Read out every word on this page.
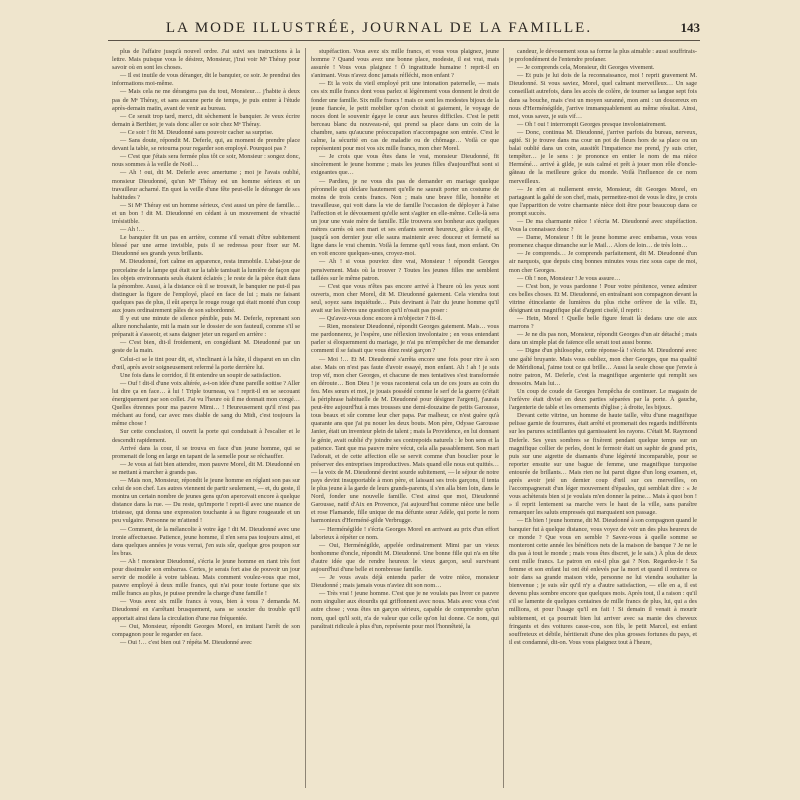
LA MODE ILLUSTRÉE, JOURNAL DE LA FAMILLE.	143

plus de l'affaire jusqu'à nouvel ordre. J'ai suivi ses instructions à la lettre. Mais puisque vous le désirez, Monsieur, j'irai voir Mᵉ Théray pour savoir où en sont les choses.

— Il est inutile de vous déranger, dit le banquier, ce soir. Je prendrai des informations moi-même.

— Mais cela ne me dérangera pas du tout, Monsieur… j'habite à deux pas de Mᵉ Théray, et sans aucune perte de temps, je puis entrer à l'étude après-demain matin, avant de venir au bureau.

— Ce serait trop tard, merci, dit sèchement le banquier. Je veux écrire demain à Berthier, je vais donc aller ce soir chez Mᵉ Théray.

— Ce soir ! fit M. Dieudonné sans pouvoir cacher sa surprise.

— Sans doute, répondit M. Deferle, qui, au moment de prendre place devant la table, se retourna pour regarder son employé. Pourquoi pas ?

— C'est que j'étais sera fermée plus tôt ce soir, Monsieur : songez donc, nous sommes à la veille de Noël…

— Ah ! oui, dit M. Deferle avec amertume ; moi je l'avais oublié, monsieur Dieudonné, qu'un Mᵉ Théray est un homme sérieux et un travailleur acharné. En quoi la veille d'une fête peut-elle le déranger de ses habitudes ?

— Si Mᵉ Théray est un homme sérieux, c'est aussi un père de famille… et un bon ! dit M. Dieudonné en cédant à un mouvement de vivacité irrésistible.

— Ah !…

Le banquier fit un pas en arrière, comme s'il venait d'être subitement blessé par une arme invisible, puis il se redressa pour fixer sur M. Dieudonné ses grands yeux brillants.

M. Dieudonné, fort calme en apparence, resta immobile. L'abat-jour de porcelaine de la lampe qui était sur la table tamisait la lumière de façon que les objets environnants seuls étaient éclairés ; le reste de la pièce était dans la pénombre. Aussi, à la distance où il se trouvait, le banquier ne put-il pas distinguer la figure de l'employé, placé en face de lui ; mais ne faisant quelques pas de plus, il eût aperçu le rouge rouge qui était monté d'un coup aux joues ordinairement pâles de son subordonné.

Il y eut une minute de silence pénible, puis M. Deferle, reprenant son allure nonchalante, mit la main sur le dossier de son fauteuil, comme s'il se préparait à s'asseoir, et sans daigner jeter un regard en arrière :

— C'est bien, dit-il froidement, en congédiant M. Dieudonné par un geste de la main.

Celui-ci se le tint pour dit, et, s'inclinant à la hâte, il disparut en un clin d'œil, après avoir soigneusement refermé la porte derrière lui.

Une fois dans le corridor, il fit entendre un soupir de satisfaction.

— Ouf ! dit-il d'une voix altérée, a-t-on idée d'une pareille sottise ? Aller lui dire ça en face… à lui ! Triple tourneau, va ! reprit-il en se secouant énergiquement par son collet. J'ai vu l'heure où il me donnait mon congé… Quelles étrennes pour ma pauvre Mimi… ! Heureusement qu'il n'est pas méchant au fond, car avec mes diable de sang du Midi, c'est toujours la même chose !

Sur cette conclusion, il ouvrit la porte qui conduisait à l'escalier et le descendit rapidement.

Arrivé dans la cour, il se trouva en face d'un jeune homme, qui se promenait de long en large en tapant de la semelle pour se réchauffer.

— Je vous ai fait bien attendre, mon pauvre Morel, dit M. Dieudonné en se mettant à marcher à grands pas.

— Mais non, Monsieur, répondit le jeune homme en réglant son pas sur celui de son chef. Les autres viennent de partir seulement, — et, du geste, il montra un certain nombre de jeunes gens qu'on apercevait encore à quelque distance dans la rue. — Du reste, qu'importe ! reprit-il avec une nuance de tristesse, qui donna une expression touchante à sa figure rougeaude et un peu vulgaire. Personne ne m'attend !

— Comment, de la mélancolie à votre âge ! dit M. Dieudonné avec une ironie affectueuse. Patience, jeune homme, il n'en sera pas toujours ainsi, et dans quelques années je vous verrai, j'en suis sûr, quelque gros poupon sur les bras.

— Ah ! monsieur Dieudonné, s'écria le jeune homme en riant très fort pour dissimuler son embarras. Certes, je serais fort aise de pouvoir un jour servir de modèle à votre tableau. Mais comment voulez-vous que moi, pauvre employé à deux mille francs, qui n'ai pour toute fortune que six mille francs au plus, je puisse prendre la charge d'une famille !

— Vous avez six mille francs à vous, bien à vous ? demanda M. Dieudonné en s'arrêtant brusquement, sans se soucier du trouble qu'il apportait ainsi dans la circulation d'une rue fréquentée.

— Oui, Monsieur, répondit Georges Morel, en imitant l'arrêt de son compagnon pour le regarder en face.

— Oui !… c'est bien oui ? répéta M. Dieudonné avec

stupéfaction. Vous avez six mille francs, et vous vous plaignez, jeune homme ? Quand vous avez une bonne place, modeste, il est vrai, mais assurée ! Vous vous plaignez ! Ô ingratitude humaine ! reprit-il en s'animant. Vous n'avez donc jamais réfléchi, mon enfant ?

— Et la voix du vieil employé prit une intonation paternelle, — mais ces six mille francs dont vous parlez si légèrement vous donnent le droit de fonder une famille. Six mille francs ! mais ce sont les modestes bijoux de la jeune fiancée, le petit mobilier qu'on choisit si gaiement, le voyage de noces dont le souvenir égaye le cœur aux heures difficiles. C'est le petit berceau blanc du nouveau-né, qui prend sa place dans un coin de la chambre, sans qu'aucune préoccupation n'accompagne son entrée. C'est le calme, la sécurité en cas de maladie ou de chômage… Voilà ce que représentent pour moi vos six mille francs, mon cher Morel.

— Je crois que vous êtes dans le vrai, monsieur Dieudonné, fit sincèrement le jeune homme ; mais les jeunes filles d'aujourd'hui sont si exigeantes que…

— Pardieu, je ne vous dis pas de demander en mariage quelque péronnelle qui déclare hautement qu'elle ne saurait porter un costume de moins de trois cents francs. Non ; mais une brave fille, honnête et travailleuse, qui voit dans la vie de famille l'occasion de déployer à l'aise l'affection et le dévouement qu'elle sent s'agiter en elle-même. Celle-là sera un jour une vraie mère de famille. Elle trouvera son bonheur aux quelques mètres carrés où son mari et ses enfants seront heureux, grâce à elle, et jusqu'à son dernier jour elle saura maintenir avec douceur et fermeté sa ligne dans le vrai chemin. Voilà la femme qu'il vous faut, mon enfant. On en voit encore quelques-unes, croyez-moi.

— Ah ! si vous pouviez dire vrai, Monsieur ! répondit Georges pensivement. Mais où la trouver ? Toutes les jeunes filles me semblent taillées sur le même patron.

— C'est que vous n'êtes pas encore arrivé à l'heure où les yeux sont ouverts, mon cher Morel, dit M. Dieudonné gaiement. Cela viendra tout seul, soyez sans inquiétude… Puis devinant à l'air du jeune homme qu'il avait sur les lèvres une question qu'il n'osait pas poser :

— Qu'avez-vous donc encore à m'objecter ? fit-il.

— Rien, monsieur Dieudonné, répondit Georges gaiement. Mais… vous me pardonnerez, je l'espère, une réflexion involontaire ; en vous entendant parler si éloquemment du mariage, je n'ai pu m'empêcher de me demander comment il se faisait que vous étiez resté garçon ?

— Moi !… Et M. Dieudonné s'arrêta encore une fois pour rire à son aise. Mais on n'est pas faute d'avoir essayé, mon enfant. Ah ! ah ! je suis trop vif, mon cher Georges, et chacune de mes tentatives s'est transformée en déroute… Bon Dieu ! je vous raconterai cela un de ces jours au coin du feu. Mes sœurs et moi, je jouais possédé comme le serf de la guerre (c'était la périphrase habituelle de M. Dieudonné pour désigner l'argent), j'aurais peut-être aujourd'hui à mes trousses une demi-douzaine de petits Garousse, tous beaux et sûr comme leur cher papa. Par malheur, ce n'est guère qu'à quarante ans que j'ai pu nouer les deux bouts. Mon père, Odysse Garousse Janier, était un inventeur plein de talent ; mais la Providence, en lui donnant le génie, avait oublié d'y joindre ses contrepoids naturels : le bon sens et la patience. Tant que ma pauvre mère vécut, cela alla passablement. Son mari l'adorait, et de cette affection elle se servit comme d'un bouclier pour le préserver des entreprises improductives. Mais quand elle nous eut quittés… — la voix de M. Dieudonné devint sourde subitement, — le séjour de notre pays devint insupportable à mon père, et laissant ses trois garçons, il tenta le plus jeune à la garde de leurs grands-parents, il s'en alla bien loin, dans le Nord, fonder une nouvelle famille. C'est ainsi que moi, Dieudonné Garousse, natif d'Aix en Provence, j'ai aujourd'hui comme nièce une belle et rose Flamande, fille unique de ma défunte sœur Adèle, qui porte le nom harmonieux d'Herméné-gilde Verbrugge.

— Herménégilde ! s'écria Georges Morel en arrivant au prix d'un effort laborieux à répéter ce nom.

— Oui, Herménégilde, appelée ordinairement Mimi par un vieux bonhomme d'oncle, répondit M. Dieudonné. Une bonne fille qui n'a en tête d'autre idée que de rendre heureux le vieux garçon, seul survivant aujourd'hui d'une belle et nombreuse famille.

— Je vous avais déjà entendu parler de votre nièce, monsieur Dieudonné ; mais jamais vous n'aviez dit son nom…

— Très vrai ! jeune homme. C'est que je ne voulais pas livrer ce pauvre nom singulier aux étourdis qui griffonnent avec nous. Mais avec vous c'est autre chose ; vous êtes un garçon sérieux, capable de comprendre qu'un nom, quel qu'il soit, n'a de valeur que celle qu'on lui donne. Ce nom, qui paraîtrait ridicule à plus d'un, représente pour moi l'honnêteté, la

candeur, le dévouement sous sa forme la plus aimable : aussi souffrirais-je profondément de l'entendre profaner.

— Je comprends cela, Monsieur, dit Georges vivement.

— Et puis je lui dois de la reconnaissance, moi ! reprit gravement M. Dieudonné. Si vous saviez, Morel, quel calmant merveilleux… Un sage conseillait autrefois, dans les accès de colère, de tourner sa langue sept fois dans sa bouche, mais c'est un moyen suranné, mon ami : un doucereux en nous d'Herménégilde, j'arrive immanquablement au même résultat. Ainsi, moi, vous savez, je suis vif…

— Oh ! oui ! interrompit Georges presque involontairement.

— Donc, continua M. Dieudonné, j'arrive parfois du bureau, nerveux, agité. Si je trouve dans ma cour un pot de fleurs hors de sa place ou un balai oublié dans un coin, aussitôt l'impatience me prend, j'y suis crier, tempêter… je le sens : je prononce en entier le nom de ma nièce Herméné… arrivé à gilde, je suis calmé et prêt à jouer mon rôle d'oncle-gâteau de la meilleure grâce du monde. Voilà l'influence de ce nom merveilleux.

— Je n'en ai nullement envie, Monsieur, dit Georges Morel, en partageant la gaîté de son chef, mais, permettez-moi de vous le dire, je crois que l'apparition de votre charmante nièce doit être pour beaucoup dans ce prompt succès.

— De ma charmante nièce ! s'écria M. Dieudonné avec stupéfaction. Vous la connaissez donc ?

— Dame, Monsieur ! fit le jeune homme avec embarras, vous vous promenez chaque dimanche sur le Mail… Alors de loin… de très loin…

— Je comprends… Je comprends parfaitement, dit M. Dieudonné d'un air narquois, que depuis cinq bonnes minutes vous riez sous cape de moi, mon cher Georges.

— Oh ! non, Monsieur ! Je vous assure…

— C'est bon, je vous pardonne ! Pour votre pénitence, venez admirer ces belles choses. Et M. Dieudonné, en entraînant son compagnon devant la vitrine étincelante de lumières du plus riche orfèvre de la ville. Et, désignant un magnifique plat d'argent ciselé, il reprit :

— Hein, Morel ! Quelle belle figure ferait là dedans une oie aux marrons ?

— Je ne dis pas non, Monsieur, répondit Georges d'un air détaché ; mais dans un simple plat de faïence elle serait tout aussi bonne.

— Digne d'un philosophe, cette réponse-là ! s'écria M. Dieudonné avec une gaîté bruyante. Mais vous oubliez, mon cher Georges, que ma qualité de Méridional, j'aime tout ce qui brille… Aussi la seule chose que j'envie à notre patron, M. Deferle, c'est la magnifique argenterie qui remplit ses dressoirs. Mais lui…

Un coup de coude de Georges l'empêcha de continuer. Le magasin de l'orfèvre était divisé en deux parties séparées par la porte. À gauche, l'argenterie de table et les ornements d'église ; à droite, les bijoux.

Devant cette vitrine, un homme de haute taille, vêtu d'une magnifique pelisse garnie de fourrures, était arrêté et promenait des regards indifférents sur les parures scintillantes qui garnissaient les rayons. C'était M. Raymond Deferle. Ses yeux sombres se fixèrent pendant quelque temps sur un magnifique collier de perles, dont le fermoir était un saphir de grand prix, puis sur une aigrette de diamants d'une légèreté incomparable, pour se reporter ensuite sur une bague de femme, une magnifique turquoise entourée de brillants… Mais rien ne lui parut digne d'un long examen, et, après avoir jeté un dernier coup d'œil sur ces merveilles, on l'accompagnerait d'un léger mouvement d'épaules, qui semblait dire : « Je vous achèterais bien si je voulais m'en donner la peine… Mais à quoi bon ! » il reprit lentement sa marche vers le haut de la ville, sans paraître remarquer les saluts empressés qui marquaient son passage.

— Eh bien ! jeune homme, dit M. Dieudonné à son compagnon quand le banquier fut à quelque distance, vous voyez de voir un des plus heureux de ce monde ? Que vous en semble ? Savez-vous à quelle somme se monteront cette année les bénéfices nets de la maison de banque ? Je ne le dis pas à tout le monde ; mais vous êtes discret, je le sais.) À plus de deux cent mille francs. Le patron en est-il plus gai ? Non. Regardez-le ! Sa femme et son enfant lui ont été enlevés par la mort et quand il rentrera ce soir dans sa grande maison vide, personne ne lui viendra souhaiter la bienvenue ; je suis sûr qu'il n'y a d'autre satisfaction, — elle en a, il est devenu plus sombre encore que quelques mois. Après tout, il a raison : qu'il s'il se lamente de quelques centaines de mille francs de plus, lui, qui a des millions, et pour l'usage qu'il en fait ! Si demain il venait à mourir subitement, et ça pourrait bien lui arriver avec sa manie des cheveux fringants et des voitures casse-cou, son fils, le petit Marcel, est enfant souffreteux et débile, héritierait d'une des plus grosses fortunes du pays, et il est condamné, dit-on. Vous vous plaignez tout à l'heure,
